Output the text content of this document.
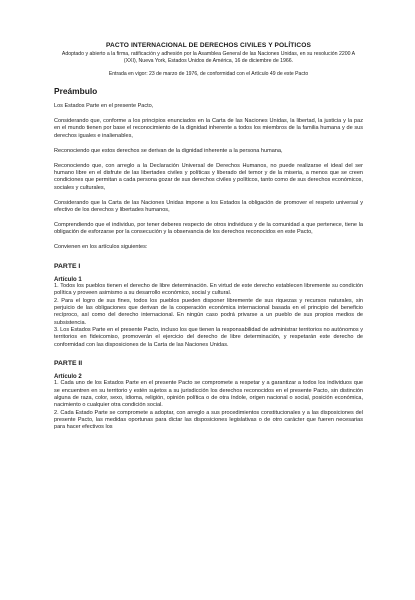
PACTO INTERNACIONAL DE DERECHOS CIVILES Y POLÍTICOS
Adoptado y abierto a la firma, ratificación y adhesión por la Asamblea General de las Naciones Unidas, en su resolución 2200 A (XXI), Nueva York, Estados Unidos de América, 16 de diciembre de 1966.
Entrada en vigor: 23 de marzo de 1976, de conformidad con el Artículo 49 de este Pacto
Preámbulo

Los Estados Parte en el presente Pacto,

Considerando que, conforme a los principios enunciados en la Carta de las Naciones Unidas, la libertad, la justicia y la paz en el mundo tienen por base el reconocimiento de la dignidad inherente a todos los miembros de la familia humana y de sus derechos iguales e inalienables,

Reconociendo que estos derechos se derivan de la dignidad inherente a la persona humana,

Reconociendo que, con arreglo a la Declaración Universal de Derechos Humanos, no puede realizarse el ideal del ser humano libre en el disfrute de las libertades civiles y políticas y liberado del temor y de la miseria, a menos que se creen condiciones que permitan a cada persona gozar de sus derechos civiles y políticos, tanto como de sus derechos económicos, sociales y culturales,

Considerando que la Carta de las Naciones Unidas impone a los Estados la obligación de promover el respeto universal y efectivo de los derechos y libertades humanos,

Comprendiendo que el individuo, por tener deberes respecto de otros individuos y de la comunidad a que pertenece, tiene la obligación de esforzarse por la consecución y la observancia de los derechos reconocidos en este Pacto,

Convienen en los artículos siguientes:

PARTE I
Artículo 1

1. Todos los pueblos tienen el derecho de libre determinación. En virtud de este derecho establecen libremente su condición política y proveen asimismo a su desarrollo económico, social y cultural.

2. Para el logro de sus fines, todos los pueblos pueden disponer libremente de sus riquezas y recursos naturales, sin perjuicio de las obligaciones que derivan de la cooperación económica internacional basada en el principio del beneficio recíproco, así como del derecho internacional. En ningún caso podrá privarse a un pueblo de sus propios medios de subsistencia.

3. Los Estados Parte en el presente Pacto, incluso los que tienen la responsabilidad de administrar territorios no autónomos y territorios en fideicomiso, promoverán el ejercicio del derecho de libre determinación, y respetarán este derecho de conformidad con las disposiciones de la Carta de las Naciones Unidas.

PARTE II
Artículo 2

1. Cada uno de los Estados Parte en el presente Pacto se compromete a respetar y a garantizar a todos los individuos que se encuentren en su territorio y estén sujetos a su jurisdicción los derechos reconocidos en el presente Pacto, sin distinción alguna de raza, color, sexo, idioma, religión, opinión política o de otra índole, origen nacional o social, posición económica, nacimiento o cualquier otra condición social.

2. Cada Estado Parte se compromete a adoptar, con arreglo a sus procedimientos constitucionales y a las disposiciones del presente Pacto, las medidas oportunas para dictar las disposiciones legislativas o de otro carácter que fueren necesarias para hacer efectivos los
